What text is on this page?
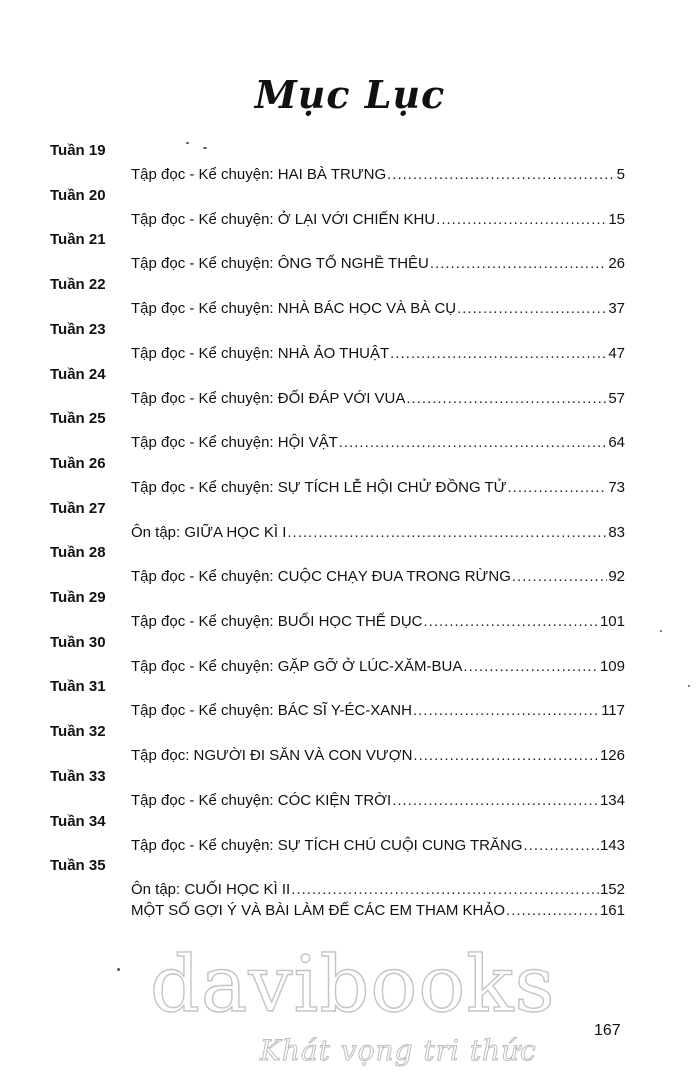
Mục Lục
Tuần 19
Tập đọc - Kể chuyện: HAI BÀ TRƯNG .....	5
Tuần 20
Tập đọc - Kể chuyện: Ở LẠI VỚI CHIẾN KHU .....	15
Tuần 21
Tập đọc - Kể chuyện: ÔNG TỔ NGHỀ THÊU .....	26
Tuần 22
Tập đọc - Kể chuyện: NHÀ BÁC HỌC VÀ BÀ CỤ .....	37
Tuần 23
Tập đọc - Kể chuyện: NHÀ ẢO THUẬT .....	47
Tuần 24
Tập đọc - Kể chuyện: ĐỐI ĐÁP VỚI VUA .....	57
Tuần 25
Tập đọc - Kể chuyện: HỘI VẬT .....	64
Tuần 26
Tập đọc - Kể chuyện: SỰ TÍCH LỄ HỘI CHỬ ĐỒNG TỬ .....	73
Tuần 27
Ôn tập: GIỮA HỌC KÌ I .....	83
Tuần 28
Tập đọc - Kể chuyện: CUỘC CHẠY ĐUA TRONG RỪNG .....	92
Tuần 29
Tập đọc - Kể chuyện: BUỔI HỌC THỂ DỤC .....	101
Tuần 30
Tập đọc - Kể chuyện: GẶP GỠ Ở LÚC-XĂM-BUA .....	109
Tuần 31
Tập đọc - Kể chuyện: BÁC SĨ Y-ÉC-XANH .....	117
Tuần 32
Tập đọc: NGƯỜI ĐI SĂN VÀ CON VƯỢN .....	126
Tuần 33
Tập đọc - Kể chuyện: CÓC KIỆN TRỜI .....	134
Tuần 34
Tập đọc - Kể chuyện: SỰ TÍCH CHÚ CUỘI CUNG TRĂNG .....	143
Tuần 35
Ôn tập: CUỐI HỌC KÌ II .....	152
MỘT SỐ GỢI Ý VÀ BÀI LÀM ĐỂ CÁC EM THAM KHẢO .....	161
167
davibooks
Khát vọng tri thức
